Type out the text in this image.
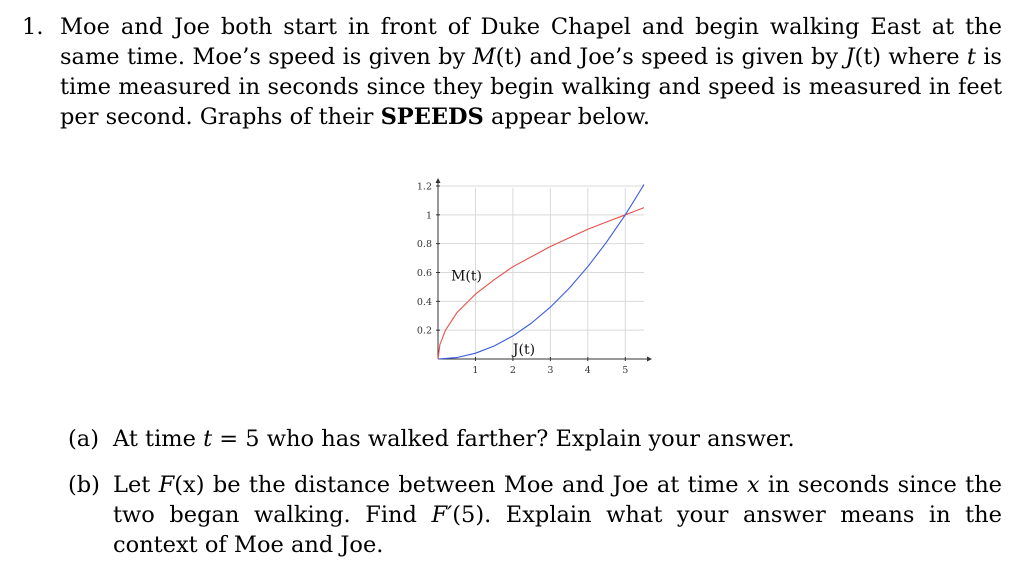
1. Moe and Joe both start in front of Duke Chapel and begin walking East at the same time. Moe’s speed is given by M(t) and Joe’s speed is given by J(t) where t is time measured in seconds since they begin walking and speed is measured in feet per second. Graphs of their SPEEDS appear below.
1	2	3	4	5
0.2
0.4
0.6
0.8
1
1.2
M(t)
J(t)
(a) At time t = 5 who has walked farther? Explain your answer.
(b) Let F(x) be the distance between Moe and Joe at time x in seconds since the two began walking. Find F′(5). Explain what your answer means in the context of Moe and Joe.
